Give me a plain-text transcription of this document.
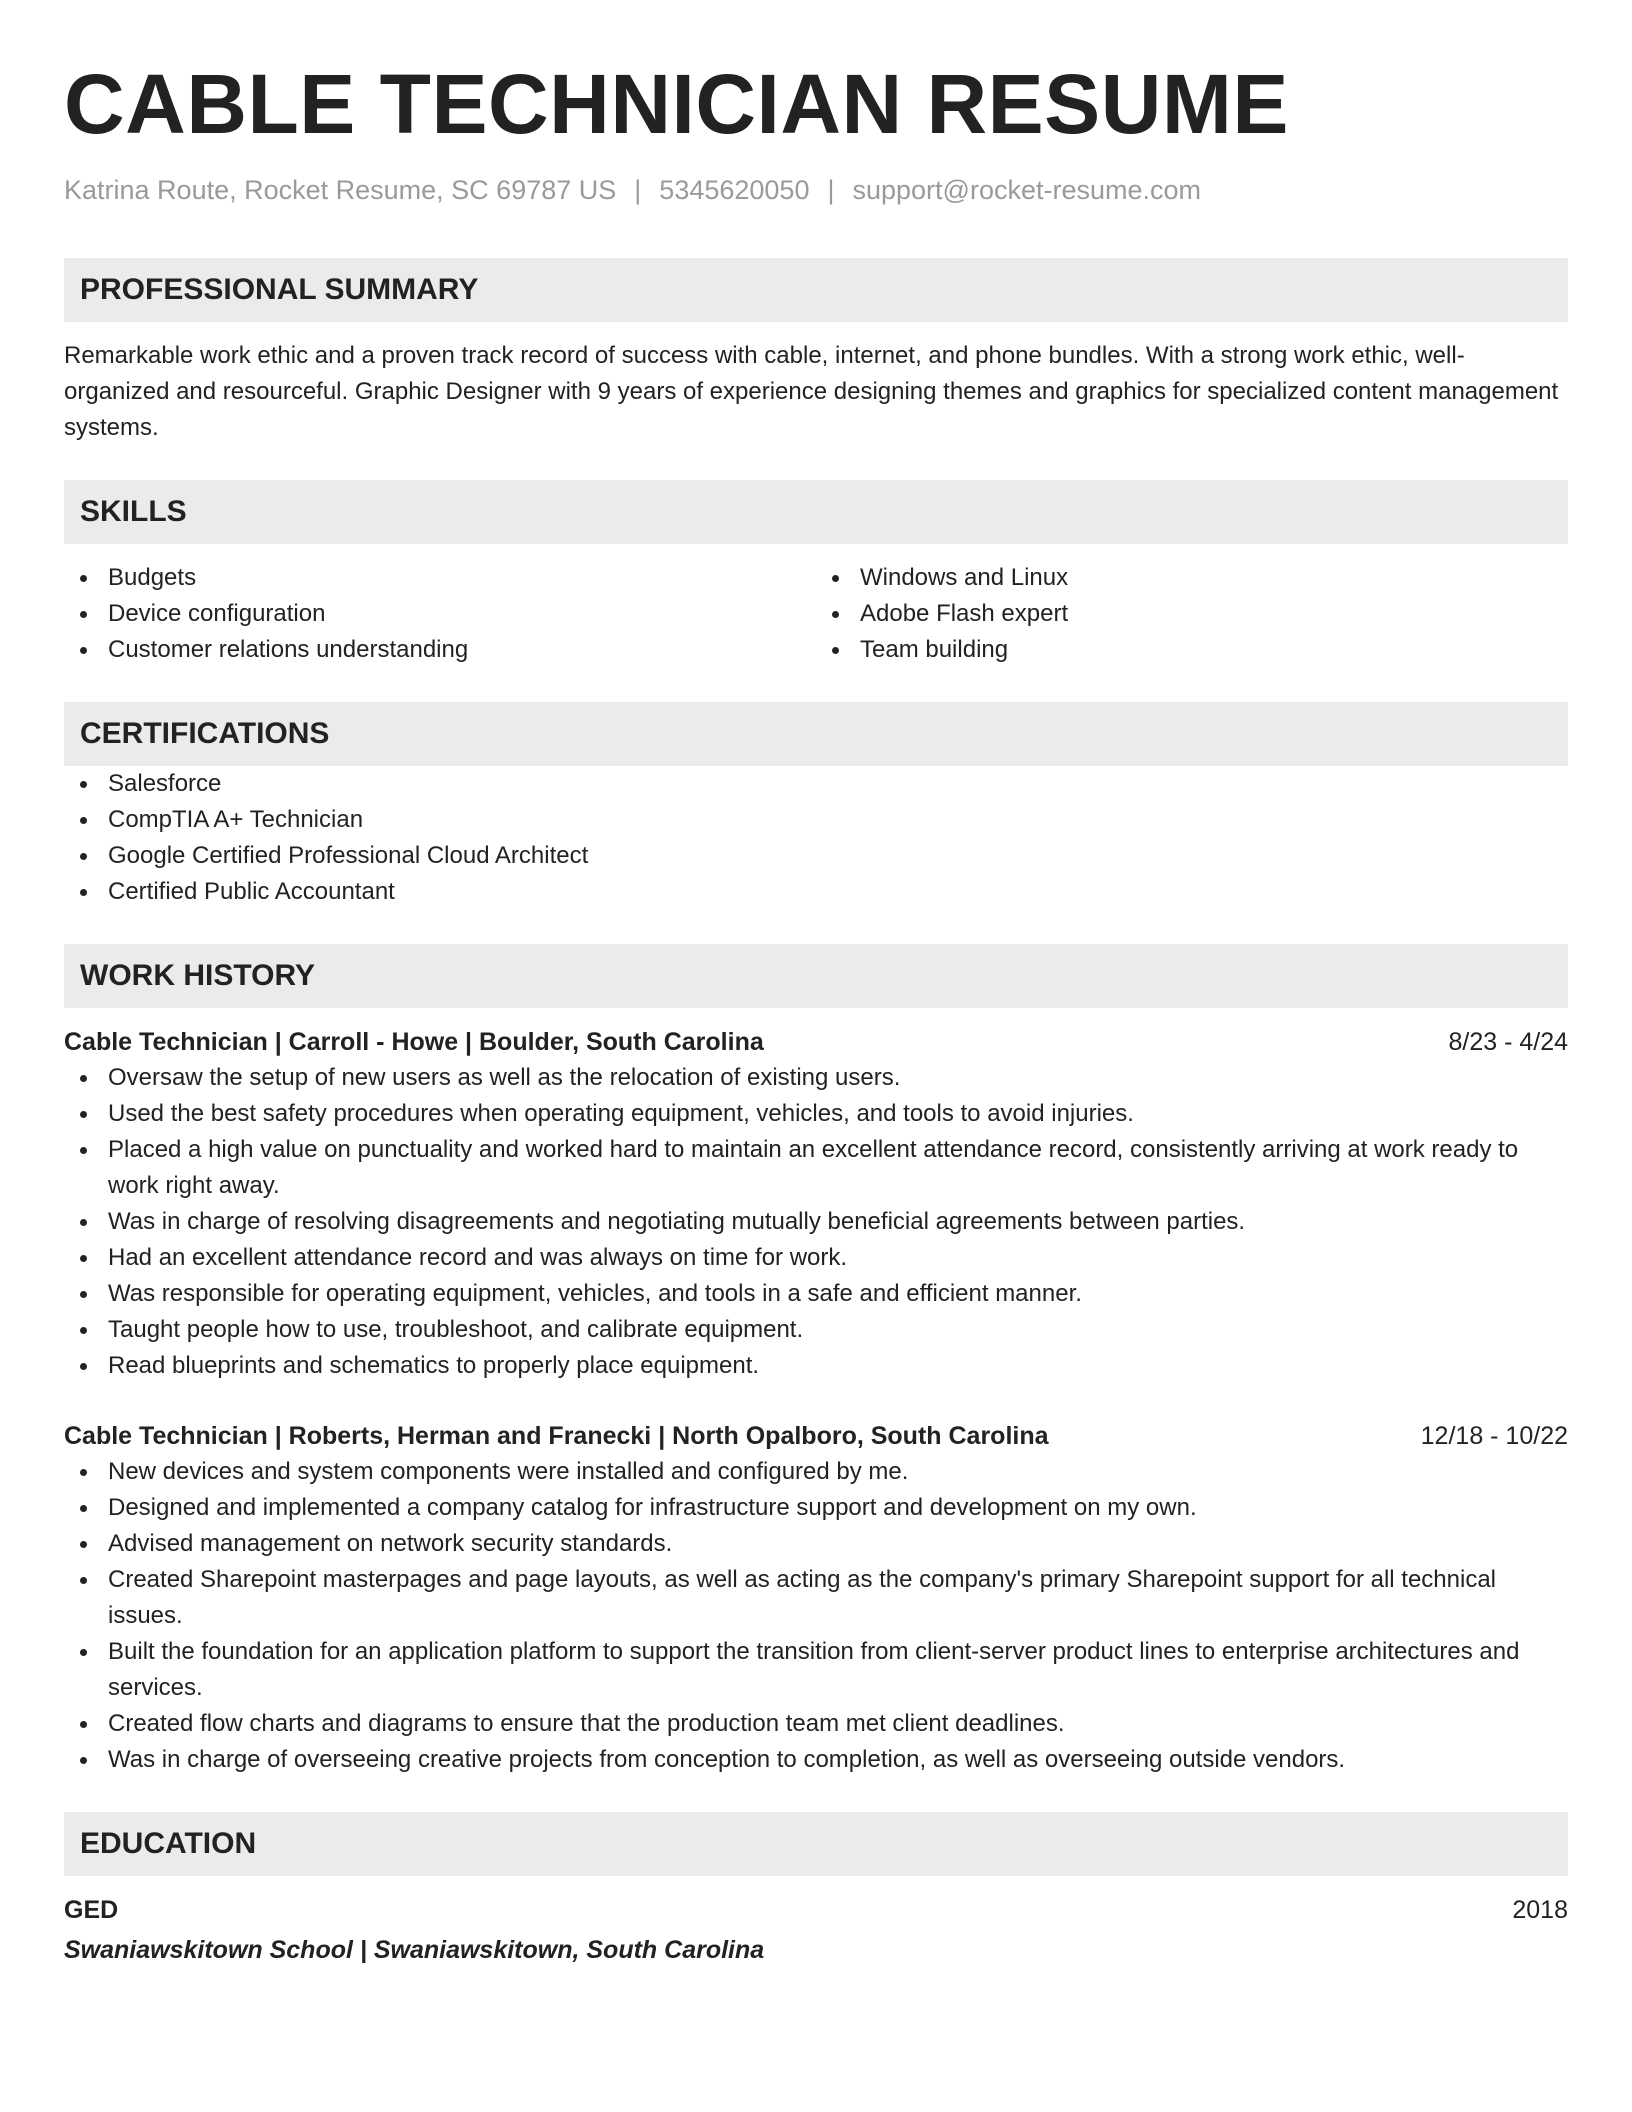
CABLE TECHNICIAN RESUME
Katrina Route, Rocket Resume, SC 69787 US | 5345620050 | support@rocket-resume.com
PROFESSIONAL SUMMARY
Remarkable work ethic and a proven track record of success with cable, internet, and phone bundles. With a strong work ethic, well-organized and resourceful. Graphic Designer with 9 years of experience designing themes and graphics for specialized content management systems.
SKILLS
Budgets
Device configuration
Customer relations understanding
Windows and Linux
Adobe Flash expert
Team building
CERTIFICATIONS
Salesforce
CompTIA A+ Technician
Google Certified Professional Cloud Architect
Certified Public Accountant
WORK HISTORY
Cable Technician | Carroll - Howe | Boulder, South Carolina	8/23 - 4/24
Oversaw the setup of new users as well as the relocation of existing users.
Used the best safety procedures when operating equipment, vehicles, and tools to avoid injuries.
Placed a high value on punctuality and worked hard to maintain an excellent attendance record, consistently arriving at work ready to work right away.
Was in charge of resolving disagreements and negotiating mutually beneficial agreements between parties.
Had an excellent attendance record and was always on time for work.
Was responsible for operating equipment, vehicles, and tools in a safe and efficient manner.
Taught people how to use, troubleshoot, and calibrate equipment.
Read blueprints and schematics to properly place equipment.
Cable Technician | Roberts, Herman and Franecki | North Opalboro, South Carolina	12/18 - 10/22
New devices and system components were installed and configured by me.
Designed and implemented a company catalog for infrastructure support and development on my own.
Advised management on network security standards.
Created Sharepoint masterpages and page layouts, as well as acting as the company's primary Sharepoint support for all technical issues.
Built the foundation for an application platform to support the transition from client-server product lines to enterprise architectures and services.
Created flow charts and diagrams to ensure that the production team met client deadlines.
Was in charge of overseeing creative projects from conception to completion, as well as overseeing outside vendors.
EDUCATION
GED	2018
Swaniawskitown School | Swaniawskitown, South Carolina
